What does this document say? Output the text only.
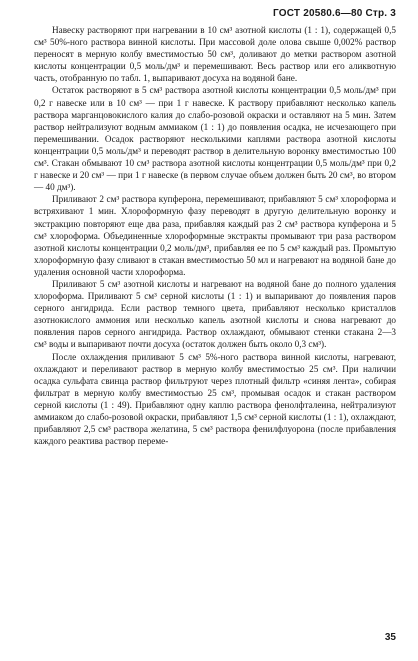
ГОСТ 20580.6—80 Стр. 3

Навеску растворяют при нагревании в 10 см³ азотной кислоты (1 : 1), содержащей 0,5 см³ 50%-ного раствора винной кислоты. При массовой доле олова свыше 0,002% раствор переносят в мерную колбу вместимостью 50 см³, доливают до метки раствором азотной кислоты концентрации 0,5 моль/дм³ и перемешивают. Весь раствор или его аликвотную часть, отобранную по табл. 1, выпаривают досуха на водяной бане.

Остаток растворяют в 5 см³ раствора азотной кислоты концентрации 0,5 моль/дм³ при 0,2 г навеске или в 10 см³ — при 1 г навеске. К раствору прибавляют несколько капель раствора марганцовокислого калия до слабо-розовой окраски и оставляют на 5 мин. Затем раствор нейтрализуют водным аммиаком (1 : 1) до появления осадка, не исчезающего при перемешивании. Осадок растворяют несколькими каплями раствора азотной кислоты концентрации 0,5 моль/дм³ и переводят раствор в делительную воронку вместимостью 100 см³. Стакан обмывают 10 см³ раствора азотной кислоты концентрации 0,5 моль/дм³ при 0,2 г навеске и 20 см³ — при 1 г навеске (в первом случае объем должен быть 20 см³, во втором — 40 дм³).

Приливают 2 см³ раствора купферона, перемешивают, прибавляют 5 см³ хлороформа и встряхивают 1 мин. Хлороформную фазу переводят в другую делительную воронку и экстракцию повторяют еще два раза, прибавляя каждый раз 2 см³ раствора купферона и 5 см³ хлороформа. Объединенные хлороформные экстракты промывают три раза раствором азотной кислоты концентрации 0,2 моль/дм³, прибавляя ее по 5 см³ каждый раз. Промытую хлороформную фазу сливают в стакан вместимостью 50 мл и нагревают на водяной бане до удаления основной части хлороформа.

Приливают 5 см³ азотной кислоты и нагревают на водяной бане до полного удаления хлороформа. Приливают 5 см³ серной кислоты (1 : 1) и выпаривают до появления паров серного ангидрида. Если раствор темного цвета, прибавляют несколько кристаллов азотнокислого аммония или несколько капель азотной кислоты и снова нагревают до появления паров серного ангидрида. Раствор охлаждают, обмывают стенки стакана 2—3 см³ воды и выпаривают почти досуха (остаток должен быть около 0,3 см³).

После охлаждения приливают 5 см³ 5%-ного раствора винной кислоты, нагревают, охлаждают и переливают раствор в мерную колбу вместимостью 25 см³. При наличии осадка сульфата свинца раствор фильтруют через плотный фильтр «синяя лента», собирая фильтрат в мерную колбу вместимостью 25 см³, промывая осадок и стакан раствором серной кислоты (1 : 49). Прибавляют одну каплю раствора фенолфталеина, нейтрализуют аммиаком до слабо-розовой окраски, прибавляют 1,5 см³ серной кислоты (1 : 1), охлаждают, прибавляют 2,5 см³ раствора желатина, 5 см³ раствора фенилфлуорона (после прибавления каждого реактива раствор переме-

35
